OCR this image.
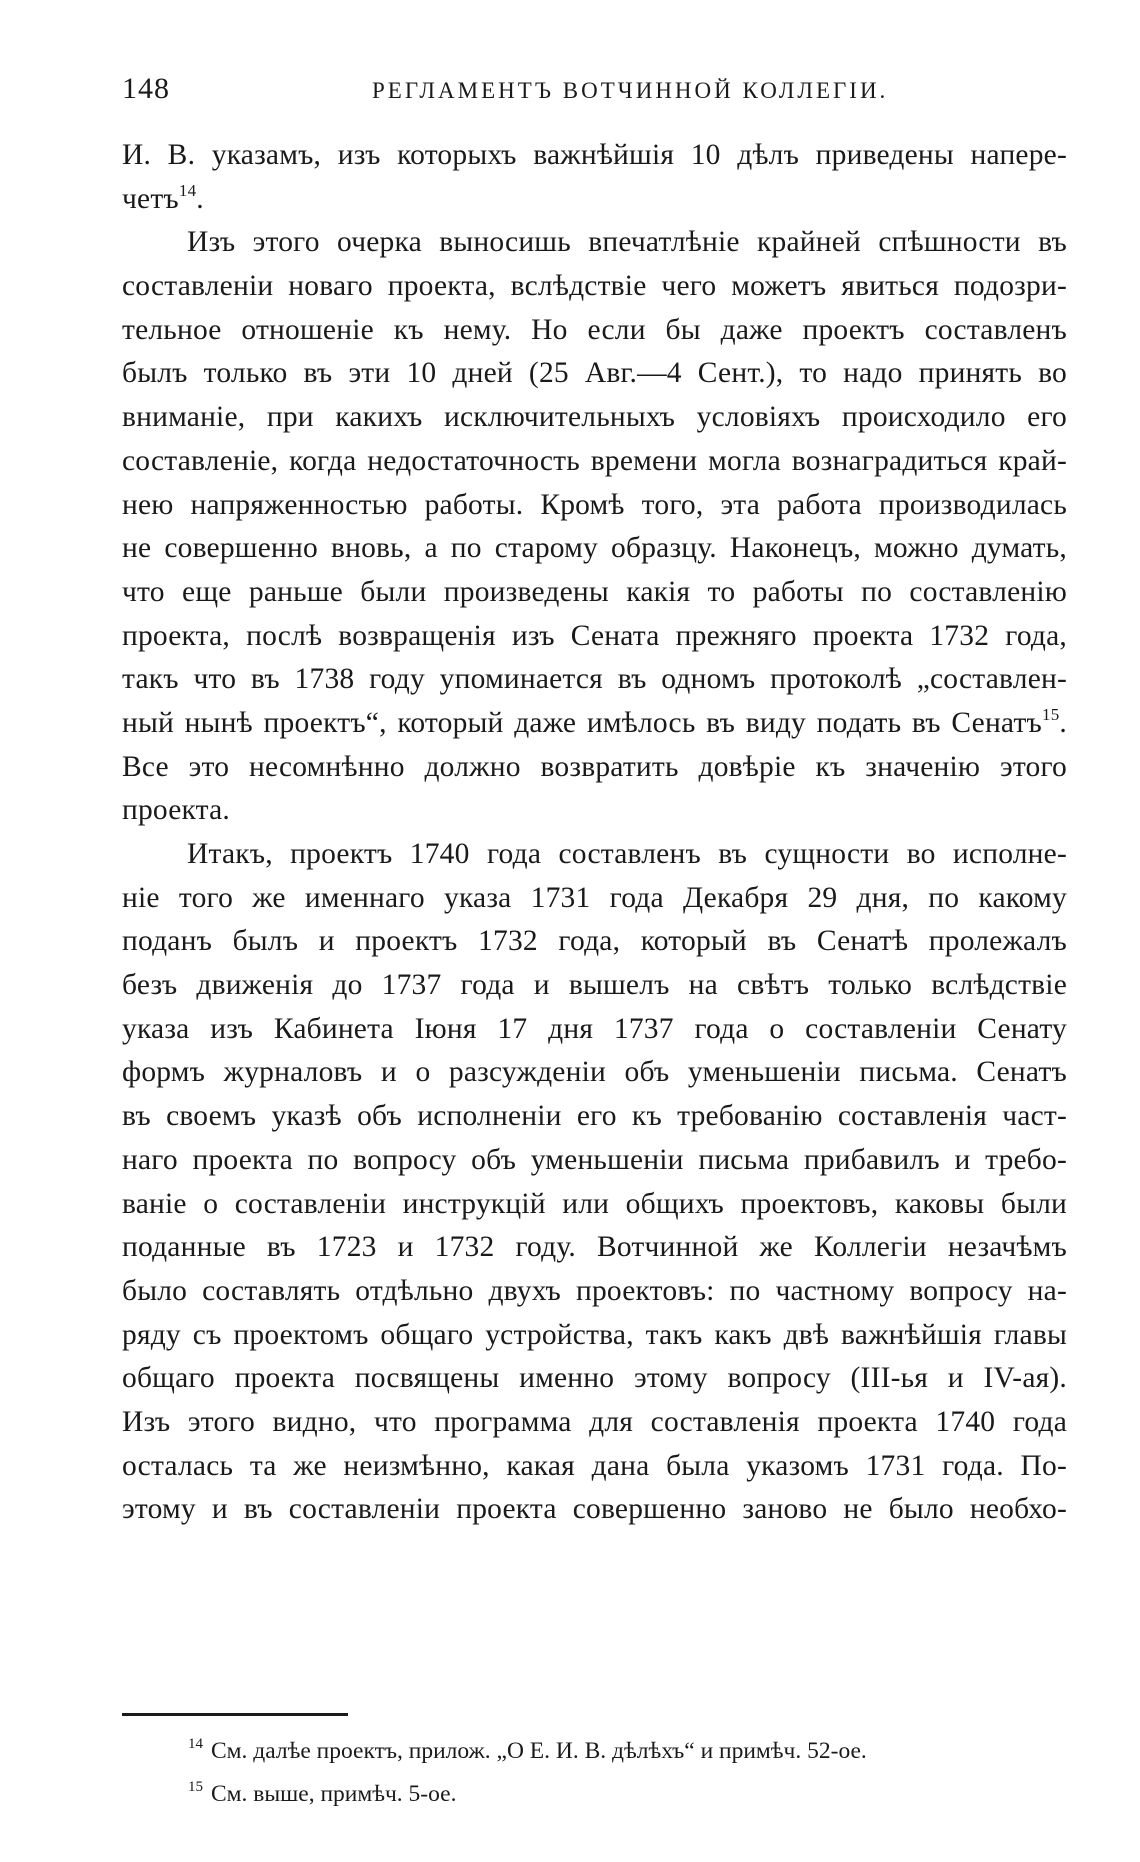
148	РЕГЛАМЕНТЪ ВОТЧИННОЙ КОЛЛЕГІИ.
И. В. указамъ, изъ которыхъ важнѣйшія 10 дѣлъ приведены напере-
четъ$^{14}$.
Изъ этого очерка выносишь впечатлѣніе крайней спѣшности въ
составленіи новаго проекта, вслѣдствіе чего можетъ явиться подозри-
тельное отношеніе къ нему. Но если бы даже проектъ составленъ
былъ только въ эти 10 дней (25 Авг.—4 Сент.), то надо принять во
вниманіе, при какихъ исключительныхъ условіяхъ происходило его
составленіе, когда недостаточность времени могла вознаградиться край-
нею напряженностью работы. Кромѣ того, эта работа производилась
не совершенно вновь, а по старому образцу. Наконецъ, можно думать,
что еще раньше были произведены какія то работы по составленію
проекта, послѣ возвращенія изъ Сената прежняго проекта 1732 года,
такъ что въ 1738 году упоминается въ одномъ протоколѣ „составлен-
ный нынѣ проектъ“, который даже имѣлось въ виду подать въ Сенатъ$^{15}$.
Все это несомнѣнно должно возвратить довѣріе къ значенію этого
проекта.
Итакъ, проектъ 1740 года составленъ въ сущности во исполне-
ніе того же именнаго указа 1731 года Декабря 29 дня, по какому
поданъ былъ и проектъ 1732 года, который въ Сенатѣ пролежалъ
безъ движенія до 1737 года и вышелъ на свѣтъ только вслѣдствіе
указа изъ Кабинета Іюня 17 дня 1737 года о составленіи Сенату
формъ журналовъ и о разсужденіи объ уменьшеніи письма. Сенатъ
въ своемъ указѣ объ исполненіи его къ требованію составленія част-
наго проекта по вопросу объ уменьшеніи письма прибавилъ и требо-
ваніе о составленіи инструкцій или общихъ проектовъ, каковы были
поданные въ 1723 и 1732 году. Вотчинной же Коллегіи незачѣмъ
было составлять отдѣльно двухъ проектовъ: по частному вопросу на-
ряду съ проектомъ общаго устройства, такъ какъ двѣ важнѣйшія главы
общаго проекта посвящены именно этому вопросу (III-ья и IV-ая).
Изъ этого видно, что программа для составленія проекта 1740 года
осталась та же неизмѣнно, какая дана была указомъ 1731 года. По-
этому и въ составленіи проекта совершенно заново не было необхо-
$^{14}$ См. далѣе проектъ, прилож. „О Е. И. В. дѣлѣхъ“ и примѣч. 52-ое.
$^{15}$ См. выше, примѣч. 5-ое.
